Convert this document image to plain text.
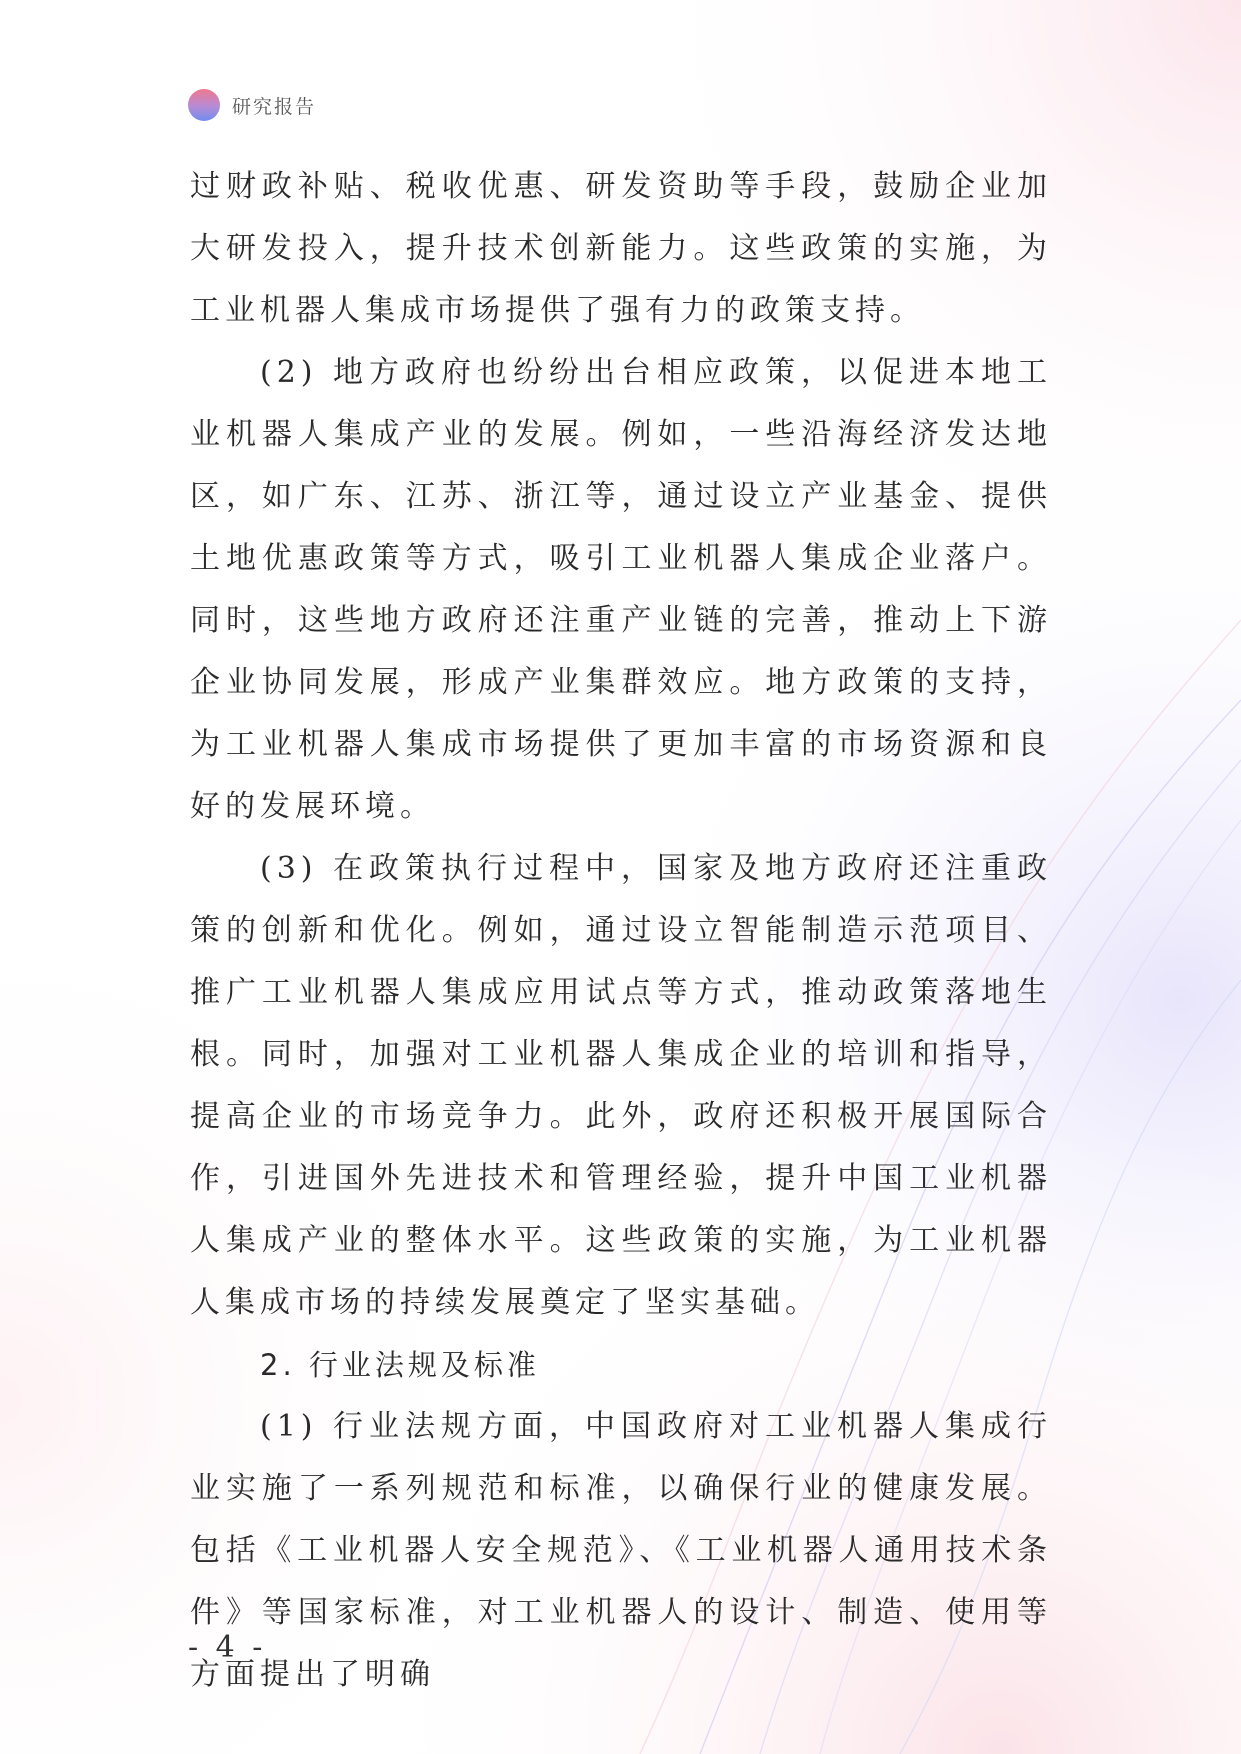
研究报告

过财政补贴、税收优惠、研发资助等手段，鼓励企业加大研发投入，提升技术创新能力。这些政策的实施，为工业机器人集成市场提供了强有力的政策支持。

(2) 地方政府也纷纷出台相应政策，以促进本地工业机器人集成产业的发展。例如，一些沿海经济发达地区，如广东、江苏、浙江等，通过设立产业基金、提供土地优惠政策等方式，吸引工业机器人集成企业落户。同时，这些地方政府还注重产业链的完善，推动上下游企业协同发展，形成产业集群效应。地方政策的支持，为工业机器人集成市场提供了更加丰富的市场资源和良好的发展环境。

(3) 在政策执行过程中，国家及地方政府还注重政策的创新和优化。例如，通过设立智能制造示范项目、推广工业机器人集成应用试点等方式，推动政策落地生根。同时，加强对工业机器人集成企业的培训和指导，提高企业的市场竞争力。此外，政府还积极开展国际合作，引进国外先进技术和管理经验，提升中国工业机器人集成产业的整体水平。这些政策的实施，为工业机器人集成市场的持续发展奠定了坚实基础。

2. 行业法规及标准

(1) 行业法规方面，中国政府对工业机器人集成行业实施了一系列规范和标准，以确保行业的健康发展。包括《工业机器人安全规范》、《工业机器人通用技术条件》等国家标准，对工业机器人的设计、制造、使用等方面提出了明确

- 4 -
